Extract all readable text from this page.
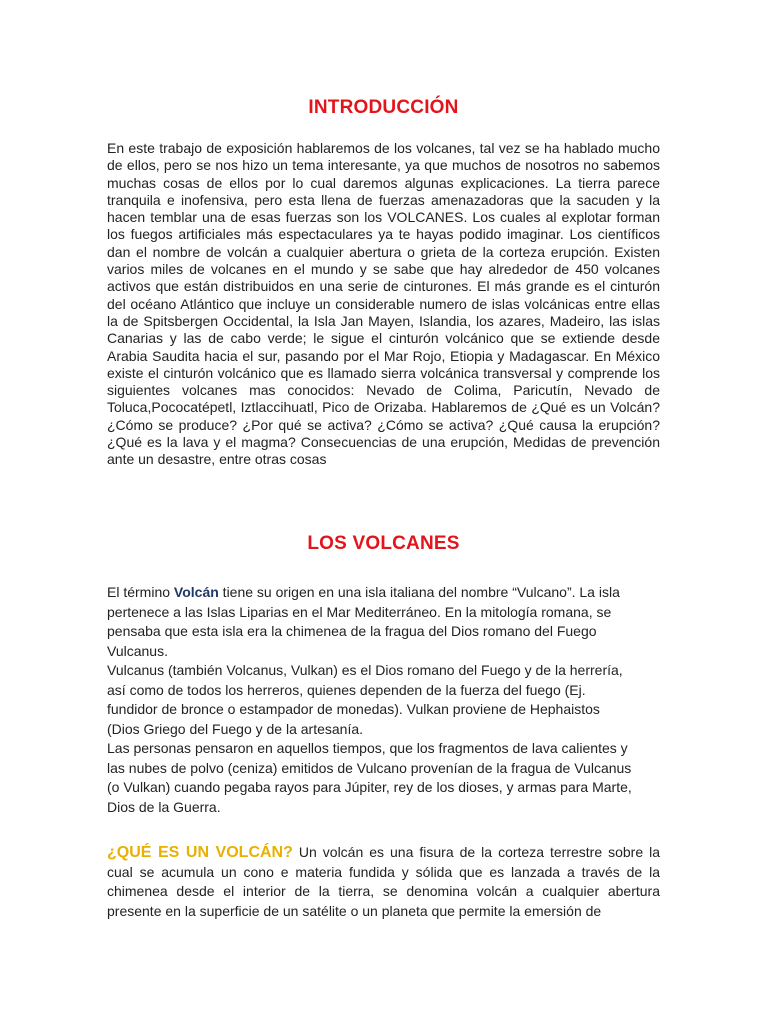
INTRODUCCIÓN

En este trabajo de exposición hablaremos de los volcanes, tal vez se ha hablado mucho de ellos, pero se nos hizo un tema interesante, ya que muchos de nosotros no sabemos muchas cosas de ellos por lo cual daremos algunas explicaciones. La tierra parece tranquila e inofensiva, pero esta llena de fuerzas amenazadoras que la sacuden y la hacen temblar una de esas fuerzas son los VOLCANES. Los cuales al explotar forman los fuegos artificiales más espectaculares ya te hayas podido imaginar. Los científicos dan el nombre de volcán a cualquier abertura o grieta de la corteza erupción. Existen varios miles de volcanes en el mundo y se sabe que hay alrededor de 450 volcanes activos que están distribuidos en una serie de cinturones. El más grande es el cinturón del océano Atlántico que incluye un considerable numero de islas volcánicas entre ellas la de Spitsbergen Occidental, la Isla Jan Mayen, Islandia, los azares, Madeiro, las islas Canarias y las de cabo verde; le sigue el cinturón volcánico que se extiende desde Arabia Saudita hacia el sur, pasando por el Mar Rojo, Etiopia y Madagascar. En México existe el cinturón volcánico que es llamado sierra volcánica transversal y comprende los siguientes volcanes mas conocidos: Nevado de Colima, Paricutín, Nevado de Toluca,Pococatépetl, Iztlaccihuatl, Pico de Orizaba. Hablaremos de ¿Qué es un Volcán? ¿Cómo se produce? ¿Por qué se activa? ¿Cómo se activa? ¿Qué causa la erupción? ¿Qué es la lava y el magma? Consecuencias de una erupción, Medidas de prevención ante un desastre, entre otras cosas

LOS VOLCANES

El término Volcán tiene su origen en una isla italiana del nombre “Vulcano”. La isla pertenece a las Islas Liparias en el Mar Mediterráneo. En la mitología romana, se pensaba que esta isla era la chimenea de la fragua del Dios romano del Fuego Vulcanus.

Vulcanus (también Volcanus, Vulkan) es el Dios romano del Fuego y de la herrería, así como de todos los herreros, quienes dependen de la fuerza del fuego (Ej. fundidor de bronce o estampador de monedas). Vulkan proviene de Hephaistos (Dios Griego del Fuego y de la artesanía.

Las personas pensaron en aquellos tiempos, que los fragmentos de lava calientes y las nubes de polvo (ceniza) emitidos de Vulcano provenían de la fragua de Vulcanus (o Vulkan) cuando pegaba rayos para Júpiter, rey de los dioses, y armas para Marte, Dios de la Guerra.

¿QUÉ ES UN VOLCÁN? Un volcán es una fisura de la corteza terrestre sobre la cual se acumula un cono e materia fundida y sólida que es lanzada a través de la chimenea desde el interior de la tierra, se denomina volcán a cualquier abertura presente en la superficie de un satélite o un planeta que permite la emersión de
